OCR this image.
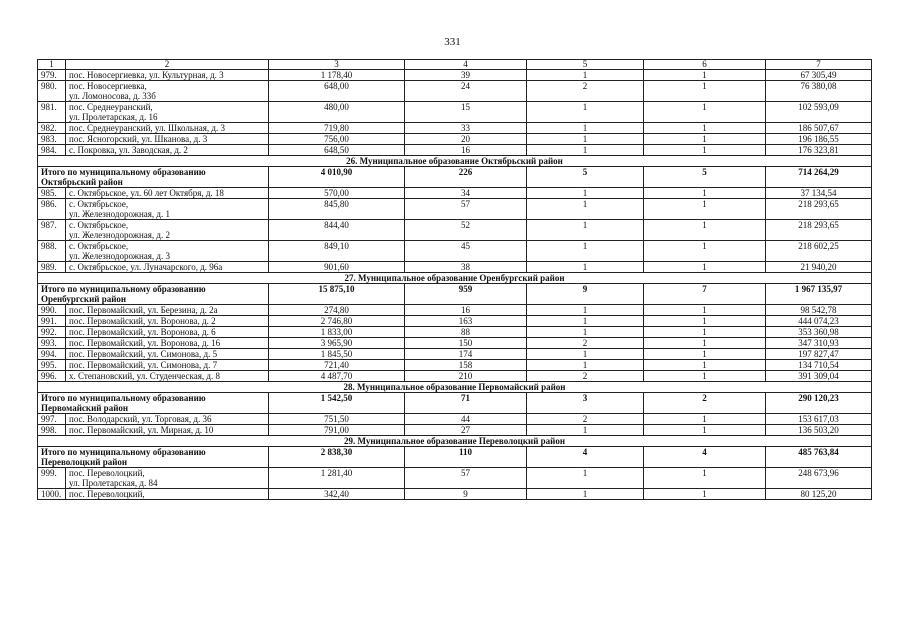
331
1	2	3	4	5	6	7
979.	пос. Новосергиевка, ул. Культурная, д. 3	1 178,40	39	1	1	67 305,49
980.	пос. Новосергиевка,
ул. Ломоносова, д. 33б	648,00	24	2	1	76 380,08
981.	пос. Среднеуранский,
ул. Пролетарская, д. 16	480,00	15	1	1	102 593,09
982.	пос. Среднеуранский, ул. Школьная, д. 3	719,80	33	1	1	186 507,67
983.	пос. Ясногорский, ул. Шканова, д. 3	756,00	20	1	1	196 186,55
984.	с. Покровка, ул. Заводская, д. 2	648,50	16	1	1	176 323,81
26. Муниципальное образование Октябрьский район						

Итого по муниципальному образованию
Октябрьский район		4 010,90	226	5	5	714 264,29
985.	с. Октябрьское, ул. 60 лет Октября, д. 18	570,00	34	1	1	37 134,54
986.	с. Октябрьское,
ул. Железнодорожная, д. 1	845,80	57	1	1	218 293,65
987.	с. Октябрьское,
ул. Железнодорожная, д. 2	844,40	52	1	1	218 293,65
988.	с. Октябрьское,
ул. Железнодорожная, д. 3	849,10	45	1	1	218 602,25
989.	с. Октябрьское, ул. Луначарского, д. 96а	901,60	38	1	1	21 940,20
27. Муниципальное образование Оренбургский район						

Итого по муниципальному образованию
Оренбургский район		15 875,10	959	9	7	1 967 135,97
990.	пос. Первомайский, ул. Березина, д. 2а	274,80	16	1	1	98 542,78
991.	пос. Первомайский, ул. Воронова, д. 2	2 746,80	163	1	1	444 074,23
992.	пос. Первомайский, ул. Воронова, д. 6	1 833,00	88	1	1	353 360,98
993.	пос. Первомайский, ул. Воронова, д. 16	3 965,90	150	2	1	347 310,93
994.	пос. Первомайский, ул. Симонова, д. 5	1 845,50	174	1	1	197 827,47
995.	пос. Первомайский, ул. Симонова, д. 7	721,40	158	1	1	134 710,54
996.	х. Степановский, ул. Студенческая, д. 8	4 487,70	210	2	1	391 309,04
28. Муниципальное образование Первомайский район						

Итого по муниципальному образованию
Первомайский район		1 542,50	71	3	2	290 120,23
997.	пос. Володарский, ул. Торговая, д. 36	751,50	44	2	1	153 617,03
998.	пос. Первомайский, ул. Мирная, д. 10	791,00	27	1	1	136 503,20
29. Муниципальное образование Переволоцкий район						

Итого по муниципальному образованию
Переволоцкий район		2 838,30	110	4	4	485 763,84
999.	пос. Переволоцкий,
ул. Пролетарская, д. 84	1 281,40	57	1	1	248 673,96
1000.	пос. Переволоцкий,	342,40	9	1	1	80 125,20
